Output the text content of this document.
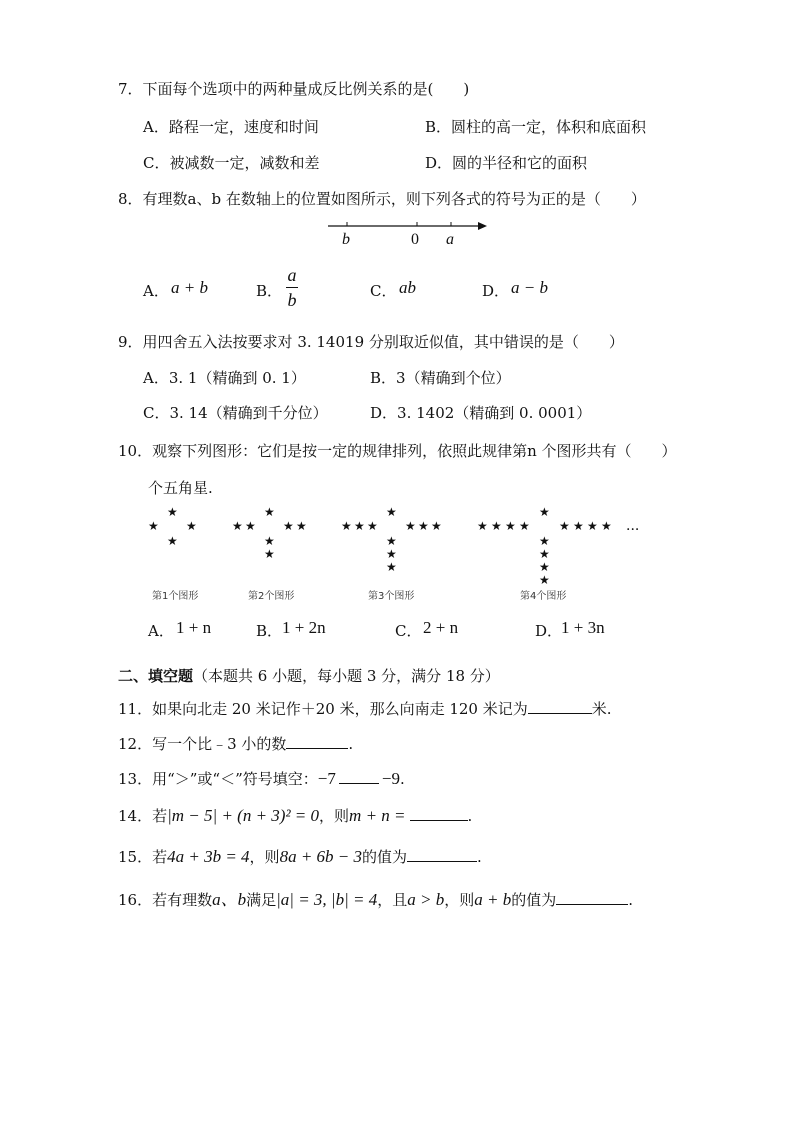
7．下面每个选项中的两种量成反比例关系的是(　　)
A．路程一定，速度和时间	B．圆柱的高一定，体积和底面积
C．被减数一定，减数和差	D．圆的半径和它的面积
8．有理数a、b 在数轴上的位置如图所示，则下列各式的符号为正的是（　　）
b	0 a
A． a + b	B．
a
b	C． ab	D． a − b
9．用四舍五入法按要求对 3. 14019 分别取近似值，其中错误的是（　　）
A．3. 1（精确到 0. 1）	B．3（精确到个位）
C．3. 14（精确到千分位）	D．3. 1402（精确到 0. 0001）
10．观察下列图形：它们是按一定的规律排列，依照此规律第n 个图形共有（　　）
个五角星.
★
★ ★
★
★
★ ★
★
★	★
★
★
★ ★
★
★	★
★
★	★
★
★
★ ★
★
★	★
★
★	★
★
★	★
★
第1个图形	第2个图形	第3个图形	第4个图形
···
A． 1 + n	B． 1 + 2n	C． 2 + n	D．
1 + 3n
二、填空题（本题共 6 小题，每小题 3 分，满分 18 分）
11．如果向北走 20 米记作＋20 米，那么向南走 120 米记为	米.
12．写一个比﹣3 小的数	.
13．用“＞”或“＜”符号填空：−7	−9.
14．若|m − 5| + (n + 3)² = 0，则m + n =	.
15．若4a + 3b = 4，则8a + 6b − 3的值为	.
16．若有理数a、b满足|a| = 3, |b| = 4，且a > b，则a + b的值为	.
